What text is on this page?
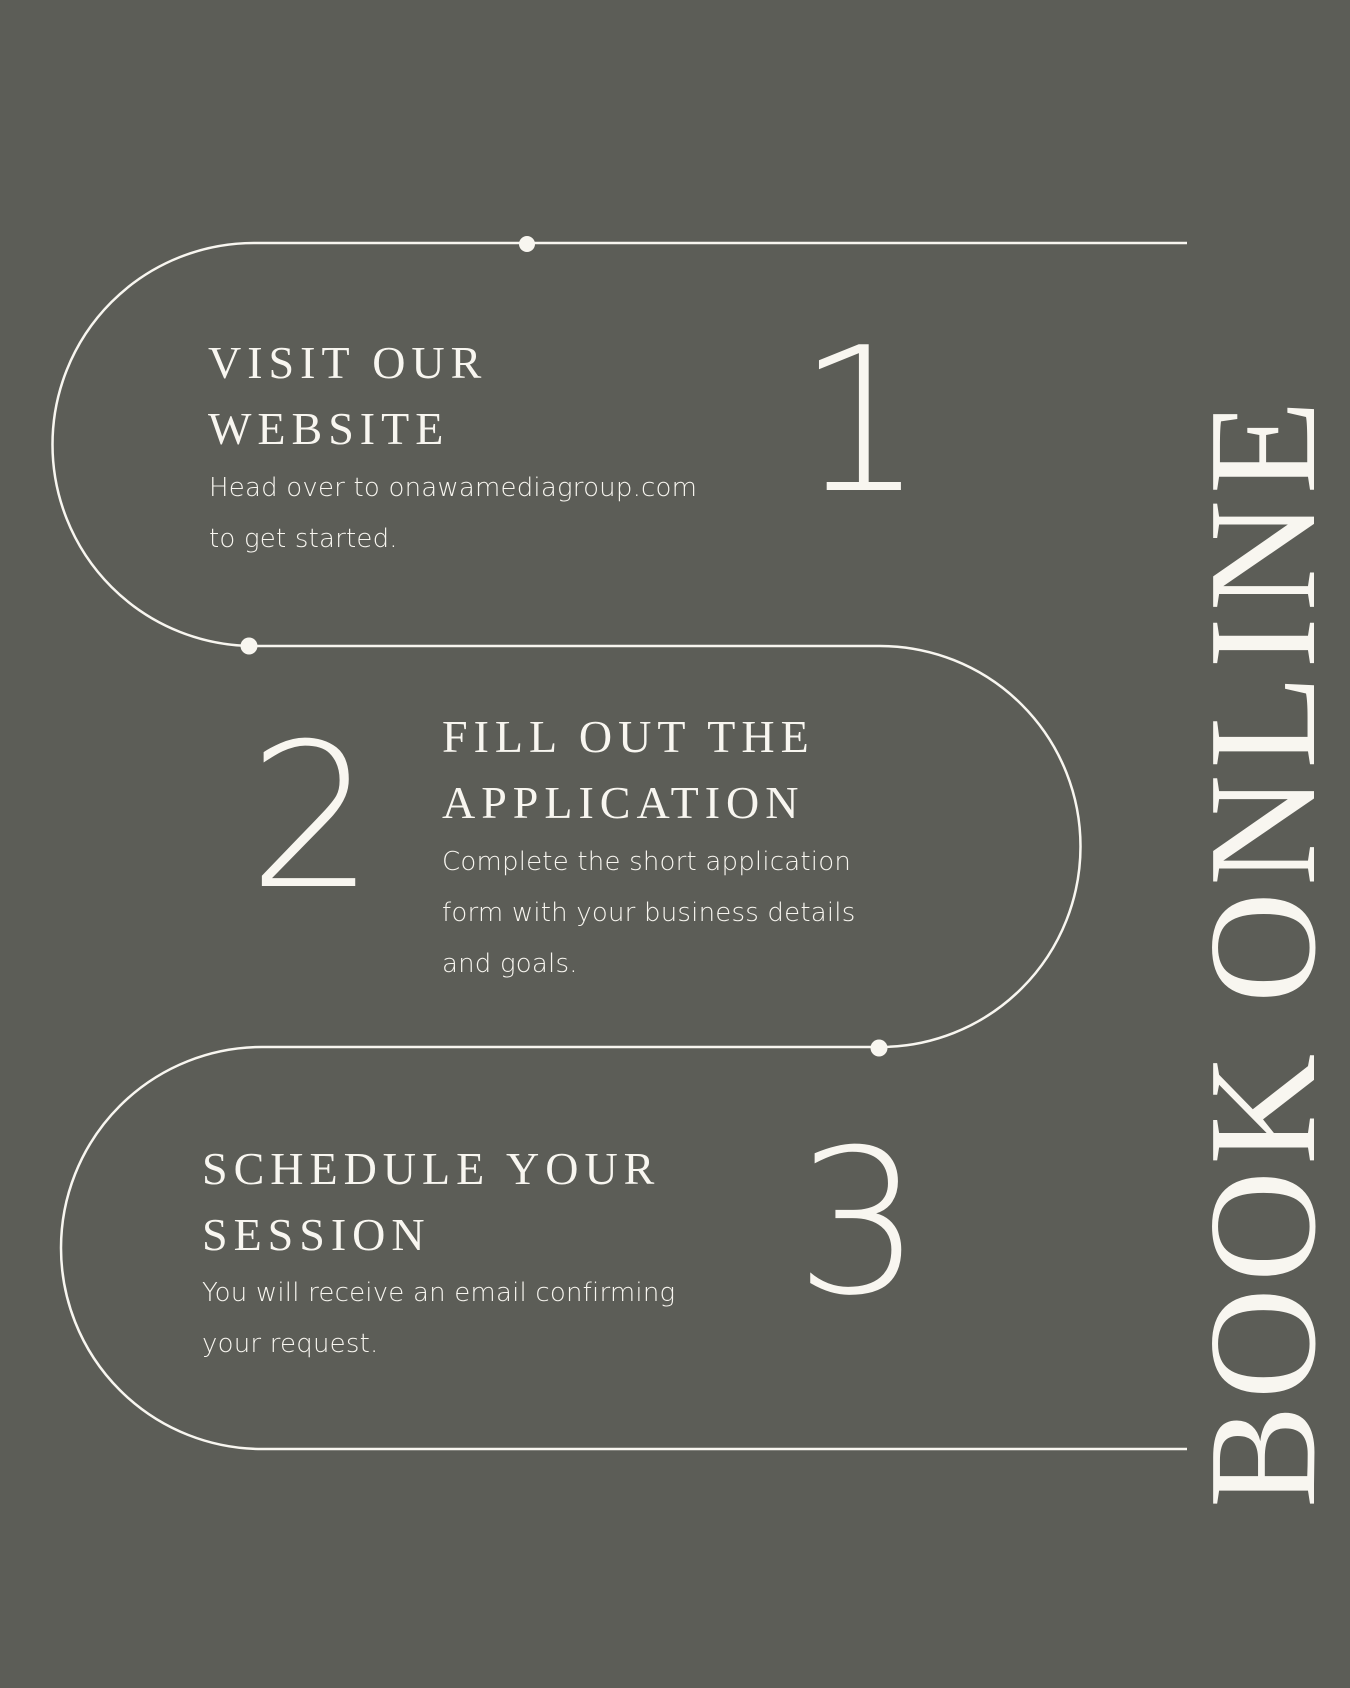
VISIT OUR
WEBSITE

Head over to onawamediagroup.com
to get started.

1
FILL OUT THE
APPLICATION

Complete the short application
form with your business details
and goals.

2
SCHEDULE YOUR
SESSION

You will receive an email confirming
your request.

3 BOOK ONLINE
